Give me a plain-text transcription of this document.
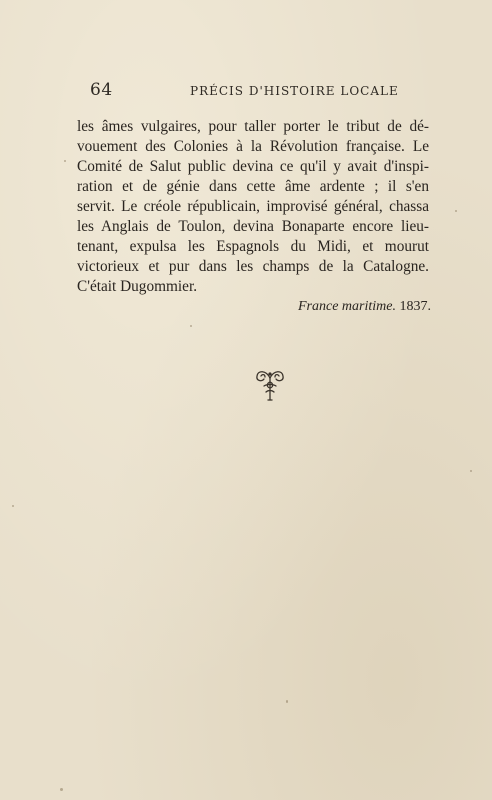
64	PRÉCIS D'HISTOIRE LOCALE
les âmes vulgaires, pour taller porter le tribut de dé-
vouement des Colonies à la Révolution française. Le
Comité de Salut public devina ce qu'il y avait d'inspi-
ration et de génie dans cette âme ardente ; il s'en
servit. Le créole républicain, improvisé général, chassa
les Anglais de Toulon, devina Bonaparte encore lieu-
tenant, expulsa les Espagnols du Midi, et mourut
victorieux et pur dans les champs de la Catalogne.
C'était Dugommier.
France maritime. 1837.
